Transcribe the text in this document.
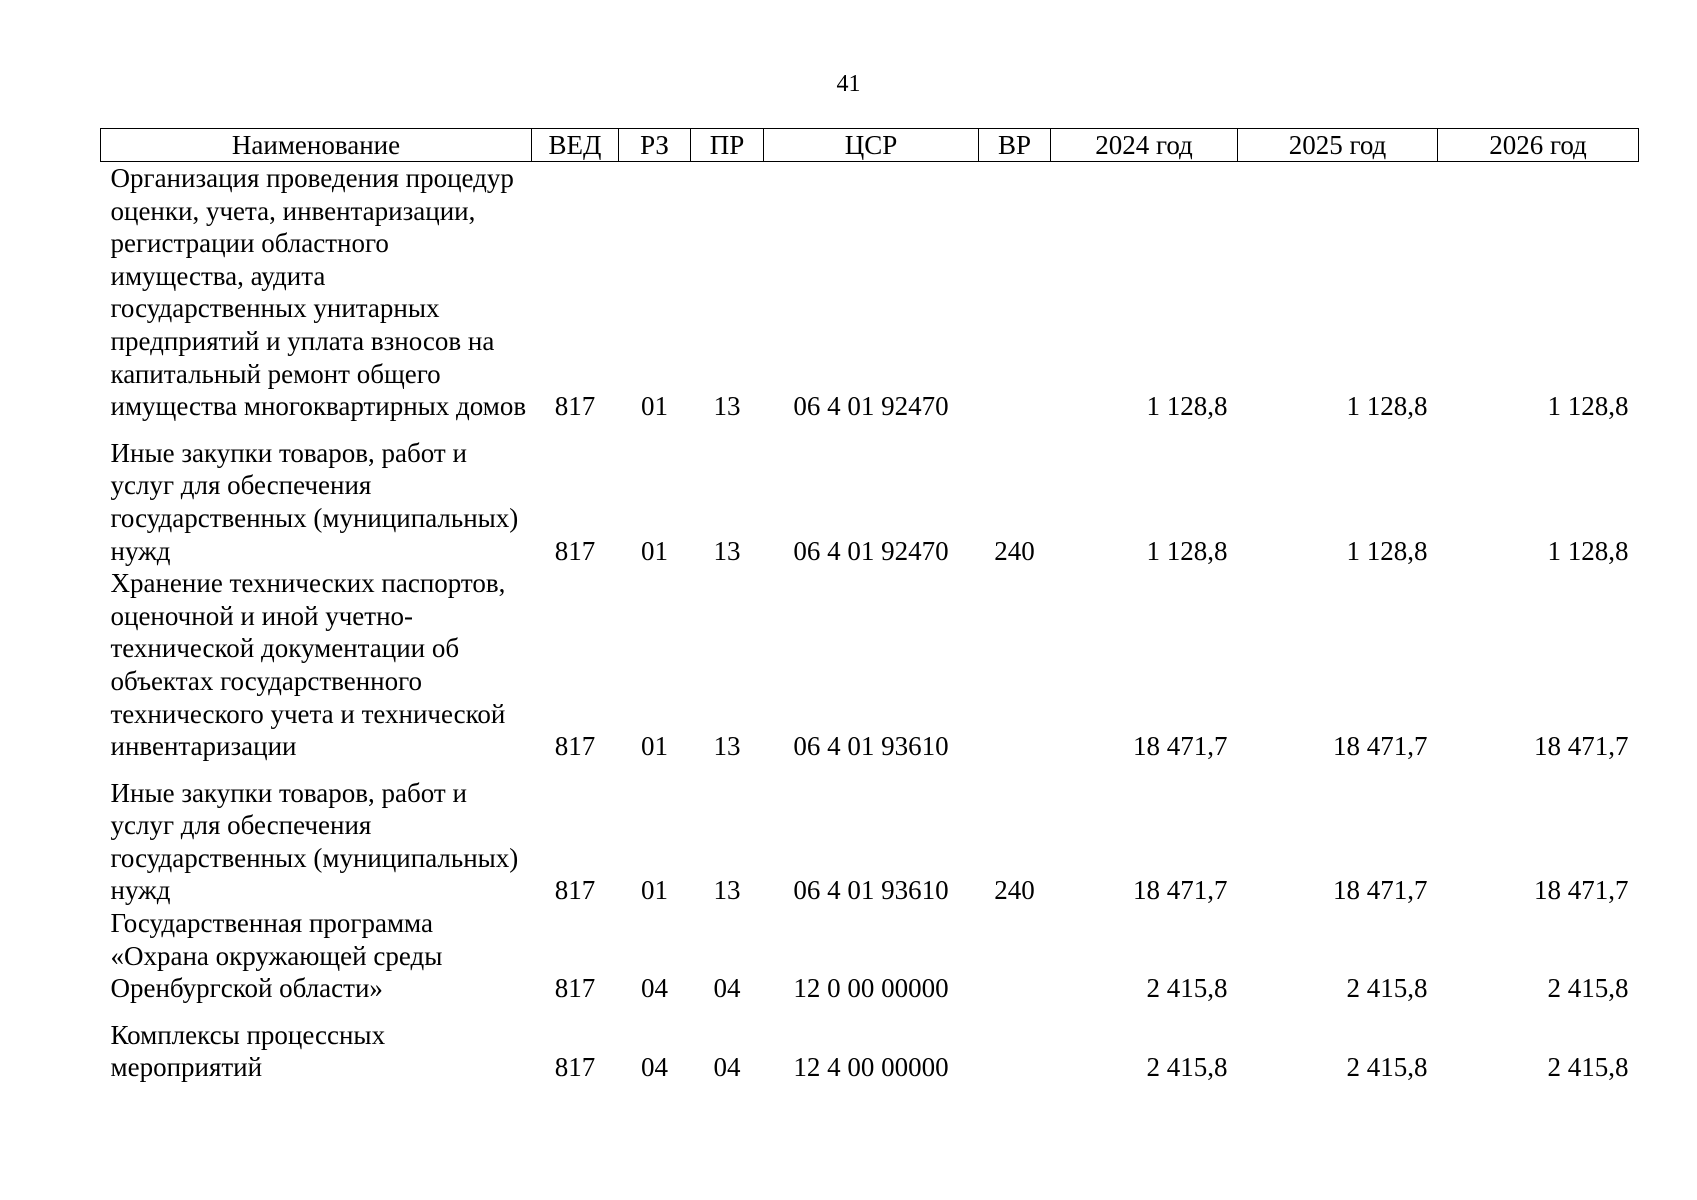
41
Наименование	ВЕД	РЗ	ПР	ЦСР	ВР	2024 год	2025 год	2026 год
Организация проведения процедур оценки, учета, инвентаризации, регистрации областного имущества, аудита государственных унитарных предприятий и уплата взносов на капитальный ремонт общего имущества многоквартирных домов	817	01	13	06 4 01 92470		1 128,8	1 128,8	1 128,8
Иные закупки товаров, работ и услуг для обеспечения государственных (муниципальных) нужд	817	01	13	06 4 01 92470	240	1 128,8	1 128,8	1 128,8
Хранение технических паспортов, оценочной и иной учетно-технической документации об объектах государственного технического учета и технической инвентаризации	817	01	13	06 4 01 93610		18 471,7	18 471,7	18 471,7
Иные закупки товаров, работ и услуг для обеспечения государственных (муниципальных) нужд	817	01	13	06 4 01 93610	240	18 471,7	18 471,7	18 471,7
Государственная программа «Охрана окружающей среды Оренбургской области»	817	04	04	12 0 00 00000		2 415,8	2 415,8	2 415,8
Комплексы процессных мероприятий	817	04	04	12 4 00 00000		2 415,8	2 415,8	2 415,8
